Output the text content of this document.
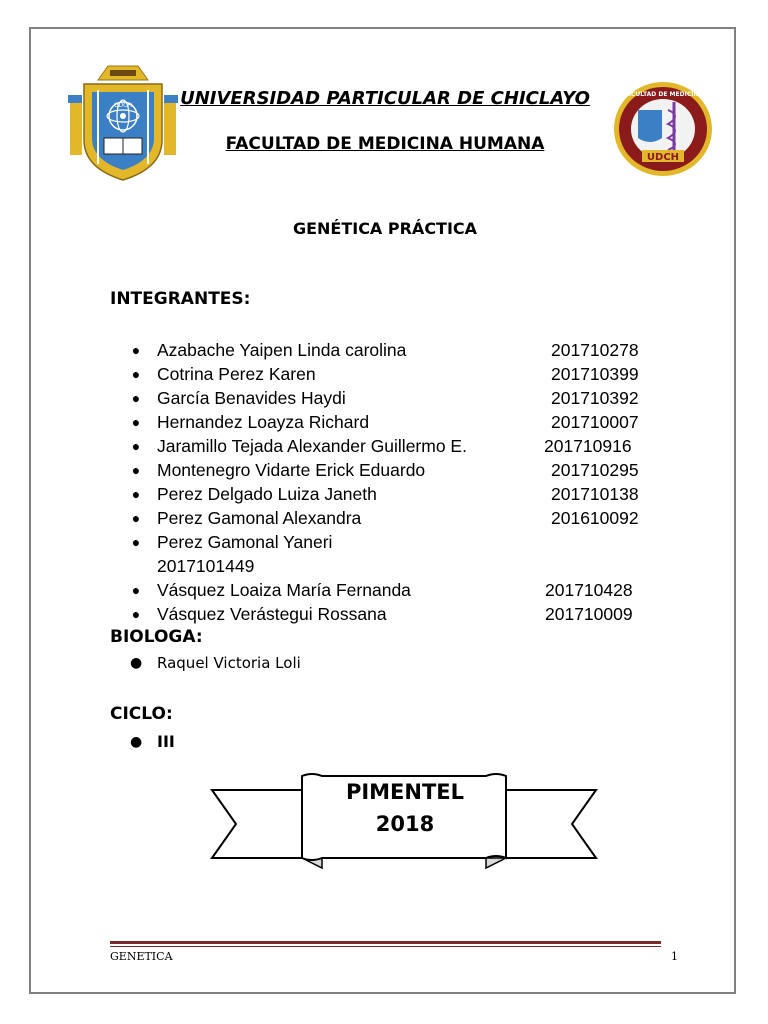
UDCH	UNIVERSIDAD PARTICULAR DE CHICLAYO
FACULTAD DE MEDICINA HUMANA
UDCH
FACULTAD DE MEDICINA
GENÉTICA PRÁCTICA
INTEGRANTES:
● Azabache Yaipen Linda carolina	201710278
● Cotrina Perez Karen	201710399
● García Benavides Haydi	201710392
● Hernandez Loayza Richard	201710007
● Jaramillo Tejada Alexander Guillermo E.	201710916
● Montenegro Vidarte Erick Eduardo	201710295
● Perez Delgado Luiza Janeth	201710138
● Perez Gamonal Alexandra	201610092
● Perez Gamonal Yaneri
2017101449
● Vásquez Loaiza María Fernanda	201710428
● Vásquez Verástegui Rossana	201710009
BIOLOGA:
● Raquel Victoria Loli
CICLO:
● III
PIMENTEL
2018
GENETICA	1
